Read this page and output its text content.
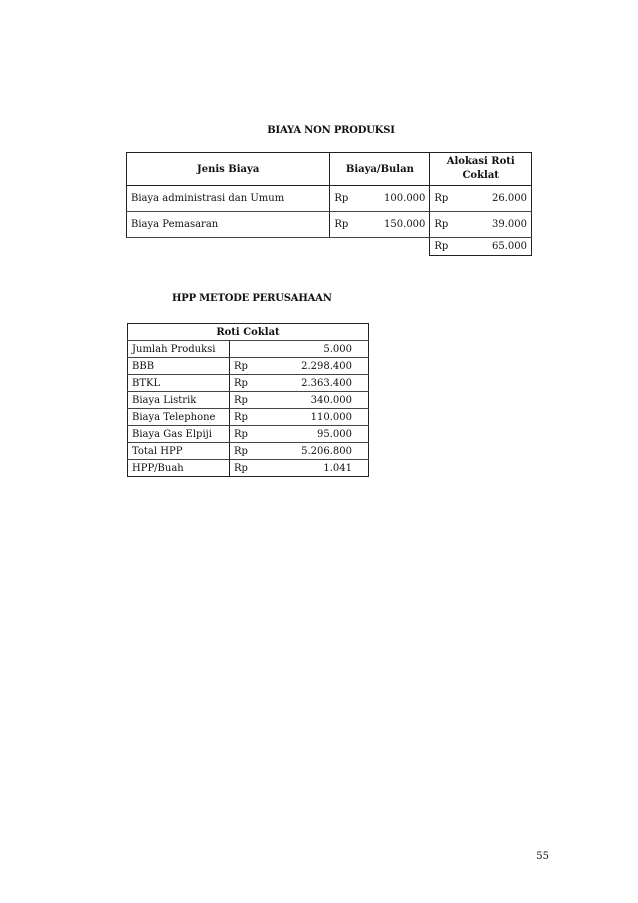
BIAYA NON PRODUKSI
Jenis Biaya	Biaya/Bulan		Alokasi Roti Coklat	
Biaya administrasi dan Umum	Rp	100.000	Rp	26.000
Biaya Pemasaran	Rp	150.000	Rp	39.000
			Rp	65.000
HPP METODE PERUSAHAAN
Roti Coklat		
Jumlah Produksi		5.000
BBB	Rp	2.298.400
BTKL	Rp	2.363.400
Biaya Listrik	Rp	340.000
Biaya Telephone	Rp	110.000
Biaya Gas Elpiji	Rp	95.000
Total HPP	Rp	5.206.800
HPP/Buah	Rp	1.041
55
